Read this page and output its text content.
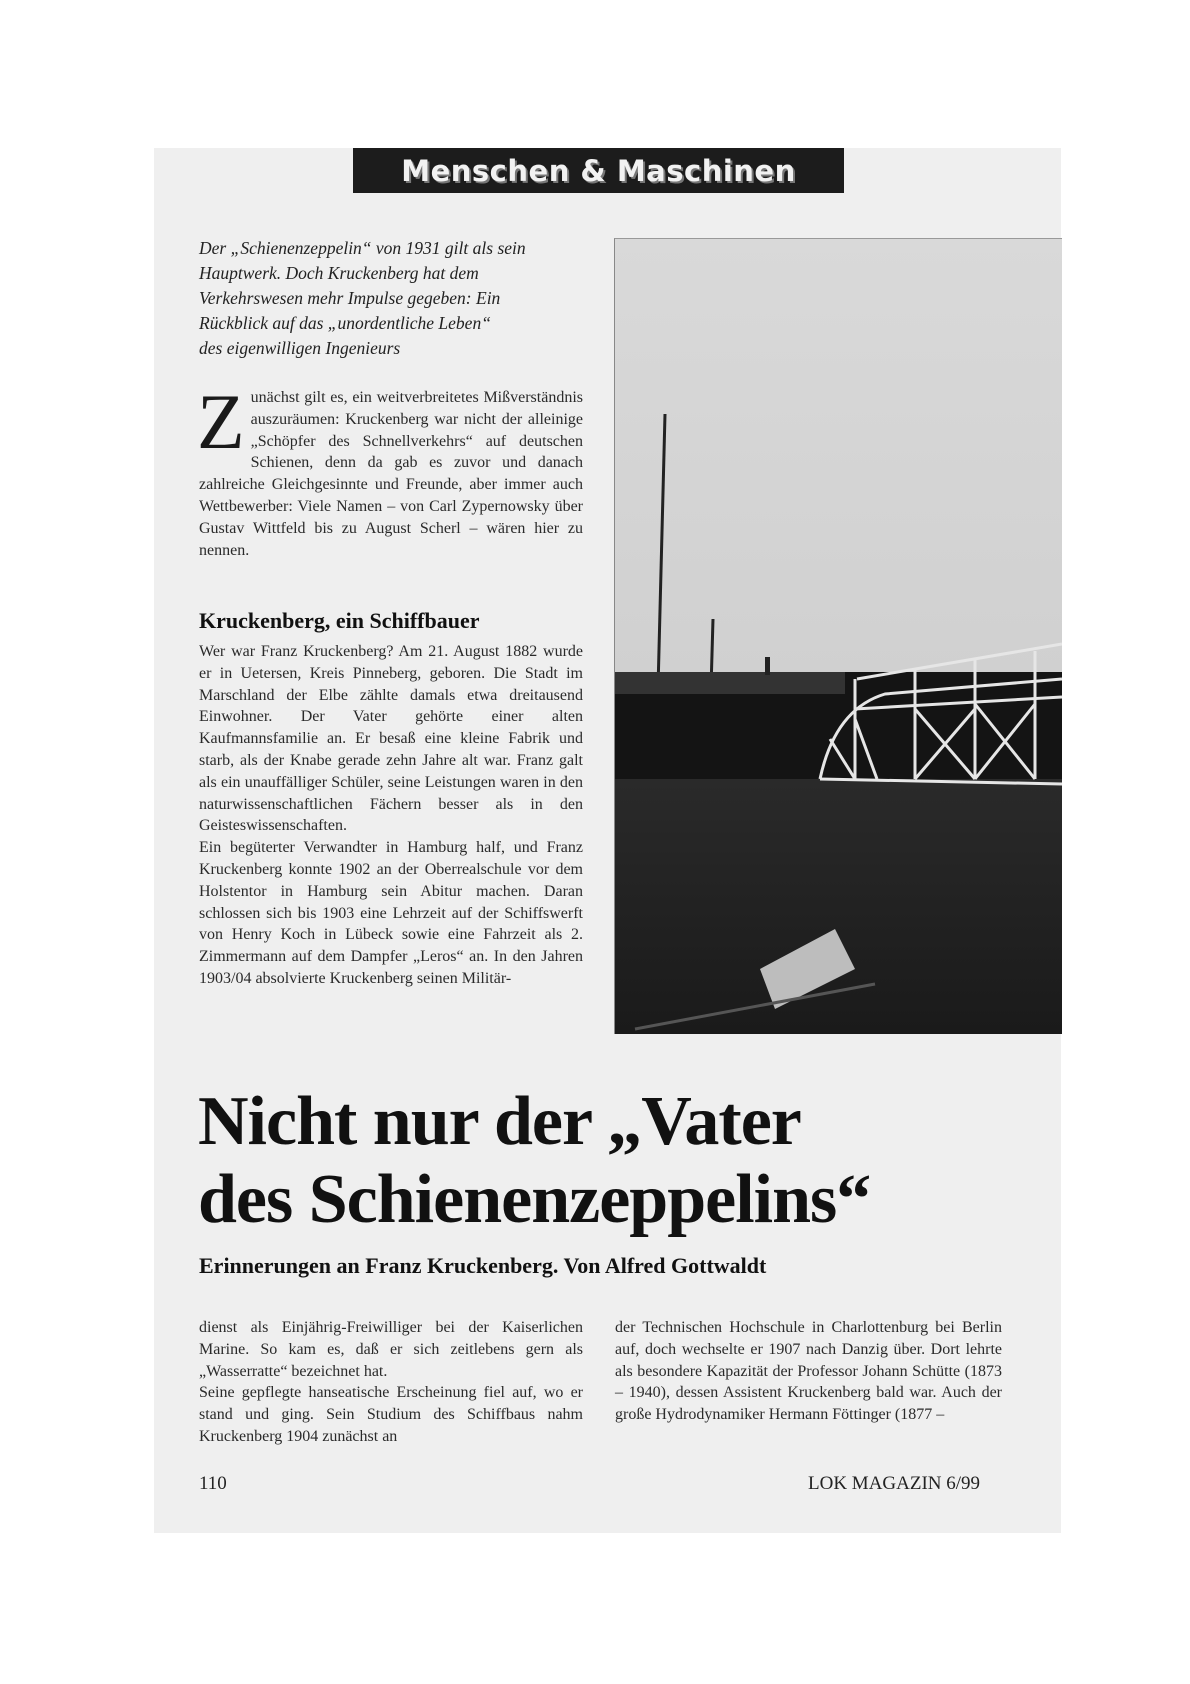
Menschen & Maschinen
Der „Schienenzeppelin“ von 1931 gilt als sein
Hauptwerk. Doch Kruckenberg hat dem
Verkehrswesen mehr Impulse gegeben: Ein
Rückblick auf das „unordentliche Leben“
des eigenwilligen Ingenieurs
Z unächst gilt es, ein weitverbreitetes Mißverständnis auszuräumen: Kruckenberg war nicht der alleinige „Schöpfer des Schnellverkehrs“ auf deutschen Schienen, denn da gab es zuvor und danach zahlreiche Gleichgesinnte und Freunde, aber immer auch Wettbewerber: Viele Namen – von Carl Zypernowsky über Gustav Wittfeld bis zu August Scherl – wären hier zu nennen.

Kruckenberg, ein Schiffbauer

Wer war Franz Kruckenberg? Am 21. August 1882 wurde er in Uetersen, Kreis Pinneberg, geboren. Die Stadt im Marschland der Elbe zählte damals etwa dreitausend Einwohner. Der Vater gehörte einer alten Kaufmannsfamilie an. Er besaß eine kleine Fabrik und starb, als der Knabe gerade zehn Jahre alt war. Franz galt als ein unauffälliger Schüler, seine Leistungen waren in den naturwissenschaftlichen Fächern besser als in den Geisteswissenschaften.

Ein begüterter Verwandter in Hamburg half, und Franz Kruckenberg konnte 1902 an der Oberrealschule vor dem Holstentor in Hamburg sein Abitur machen. Daran schlossen sich bis 1903 eine Lehrzeit auf der Schiffswerft von Henry Koch in Lübeck sowie eine Fahrzeit als 2. Zimmermann auf dem Dampfer „Leros“ an. In den Jahren 1903/04 absolvierte Kruckenberg seinen Militär-

Nicht nur der „Vater
des Schienenzeppelins“
Erinnerungen an Franz Kruckenberg. Von Alfred Gottwaldt

dienst als Einjährig-Freiwilliger bei der Kaiserlichen Marine. So kam es, daß er sich zeitlebens gern als „Wasserratte“ bezeichnet hat.

Seine gepflegte hanseatische Erscheinung fiel auf, wo er stand und ging. Sein Studium des Schiffbaus nahm Kruckenberg 1904 zunächst an

der Technischen Hochschule in Charlottenburg bei Berlin auf, doch wechselte er 1907 nach Danzig über. Dort lehrte als besondere Kapazität der Professor Johann Schütte (1873 – 1940), dessen Assistent Kruckenberg bald war. Auch der große Hydrodynamiker Hermann Föttinger (1877 –

110	LOK MAGAZIN 6/99
